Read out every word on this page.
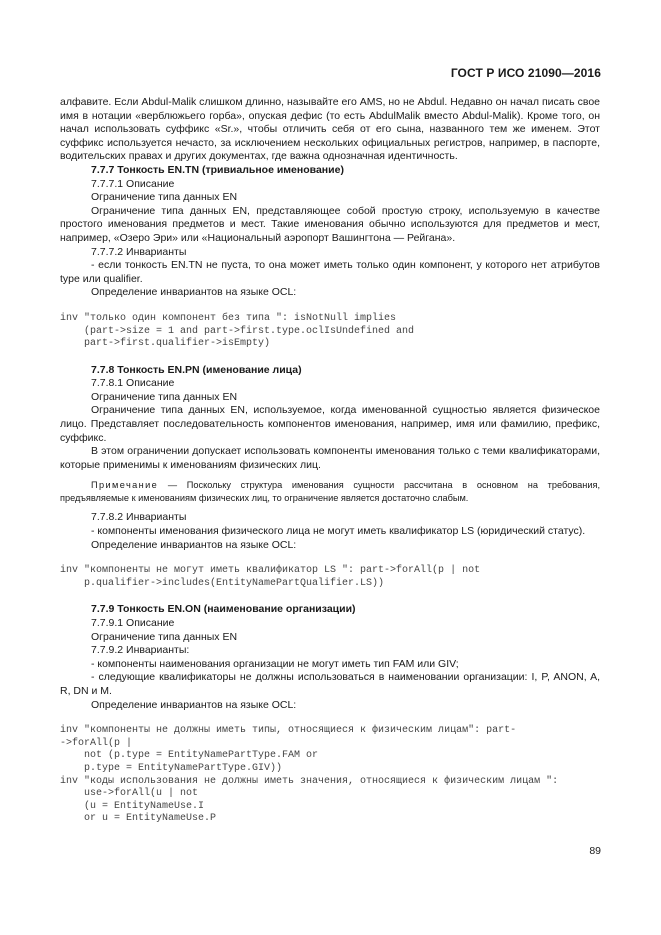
ГОСТ Р ИСО 21090—2016

алфавите. Если Abdul-Malik слишком длинно, называйте его AMS, но не Abdul. Недавно он начал писать свое имя в нотации «верблюжьего горба», опуская дефис (то есть AbdulMalik вместо Abdul-Malik). Кроме того, он начал использовать суффикс «Sr.», чтобы отличить себя от его сына, названного тем же именем. Этот суффикс используется нечасто, за исключением нескольких официальных регистров, например, в паспорте, водительских правах и других документах, где важна однозначная идентичность.

7.7.7 Тонкость EN.TN (тривиальное именование)

7.7.7.1 Описание

Ограничение типа данных EN

Ограничение типа данных EN, представляющее собой простую строку, используемую в качестве простого именования предметов и мест. Такие именования обычно используются для предметов и мест, например, «Озеро Эри» или «Национальный аэропорт Вашингтона — Рейгана».

7.7.7.2 Инварианты

- если тонкость EN.TN не пуста, то она может иметь только один компонент, у которого нет атрибутов type или qualifier.

Определение инвариантов на языке OCL:

inv "только один компонент без типа ": isNotNull implies
(part->size = 1 and part->first.type.oclIsUndefined and
part->first.qualifier->isEmpty)

7.7.8 Тонкость EN.PN (именование лица)

7.7.8.1 Описание

Ограничение типа данных EN

Ограничение типа данных EN, используемое, когда именованной сущностью является физическое лицо. Представляет последовательность компонентов именования, например, имя или фамилию, префикс, суффикс.

В этом ограничении допускает использовать компоненты именования только с теми квалификаторами, которые применимы к именованиям физических лиц.

Примечание — Поскольку структура именования сущности рассчитана в основном на требования, предъявляемые к именованиям физических лиц, то ограничение является достаточно слабым.

7.7.8.2 Инварианты

- компоненты именования физического лица не могут иметь квалификатор LS (юридический статус).

Определение инвариантов на языке OCL:

inv "компоненты не могут иметь квалификатор LS ": part->forAll(p | not
p.qualifier->includes(EntityNamePartQualifier.LS))

7.7.9 Тонкость EN.ON (наименование организации)

7.7.9.1 Описание

Ограничение типа данных EN

7.7.9.2 Инварианты:

- компоненты наименования организации не могут иметь тип FAM или GIV;

- следующие квалификаторы не должны использоваться в наименовании организации: I, P, ANON, A, R, DN и M.

Определение инвариантов на языке OCL:

inv "компоненты не должны иметь типы, относящиеся к физическим лицам": part-
->forAll(p |
not (p.type = EntityNamePartType.FAM or
p.type = EntityNamePartType.GIV))
inv "коды использования не должны иметь значения, относящиеся к физическим лицам ":
use->forAll(u | not
(u = EntityNameUse.I
or u = EntityNameUse.P
89
